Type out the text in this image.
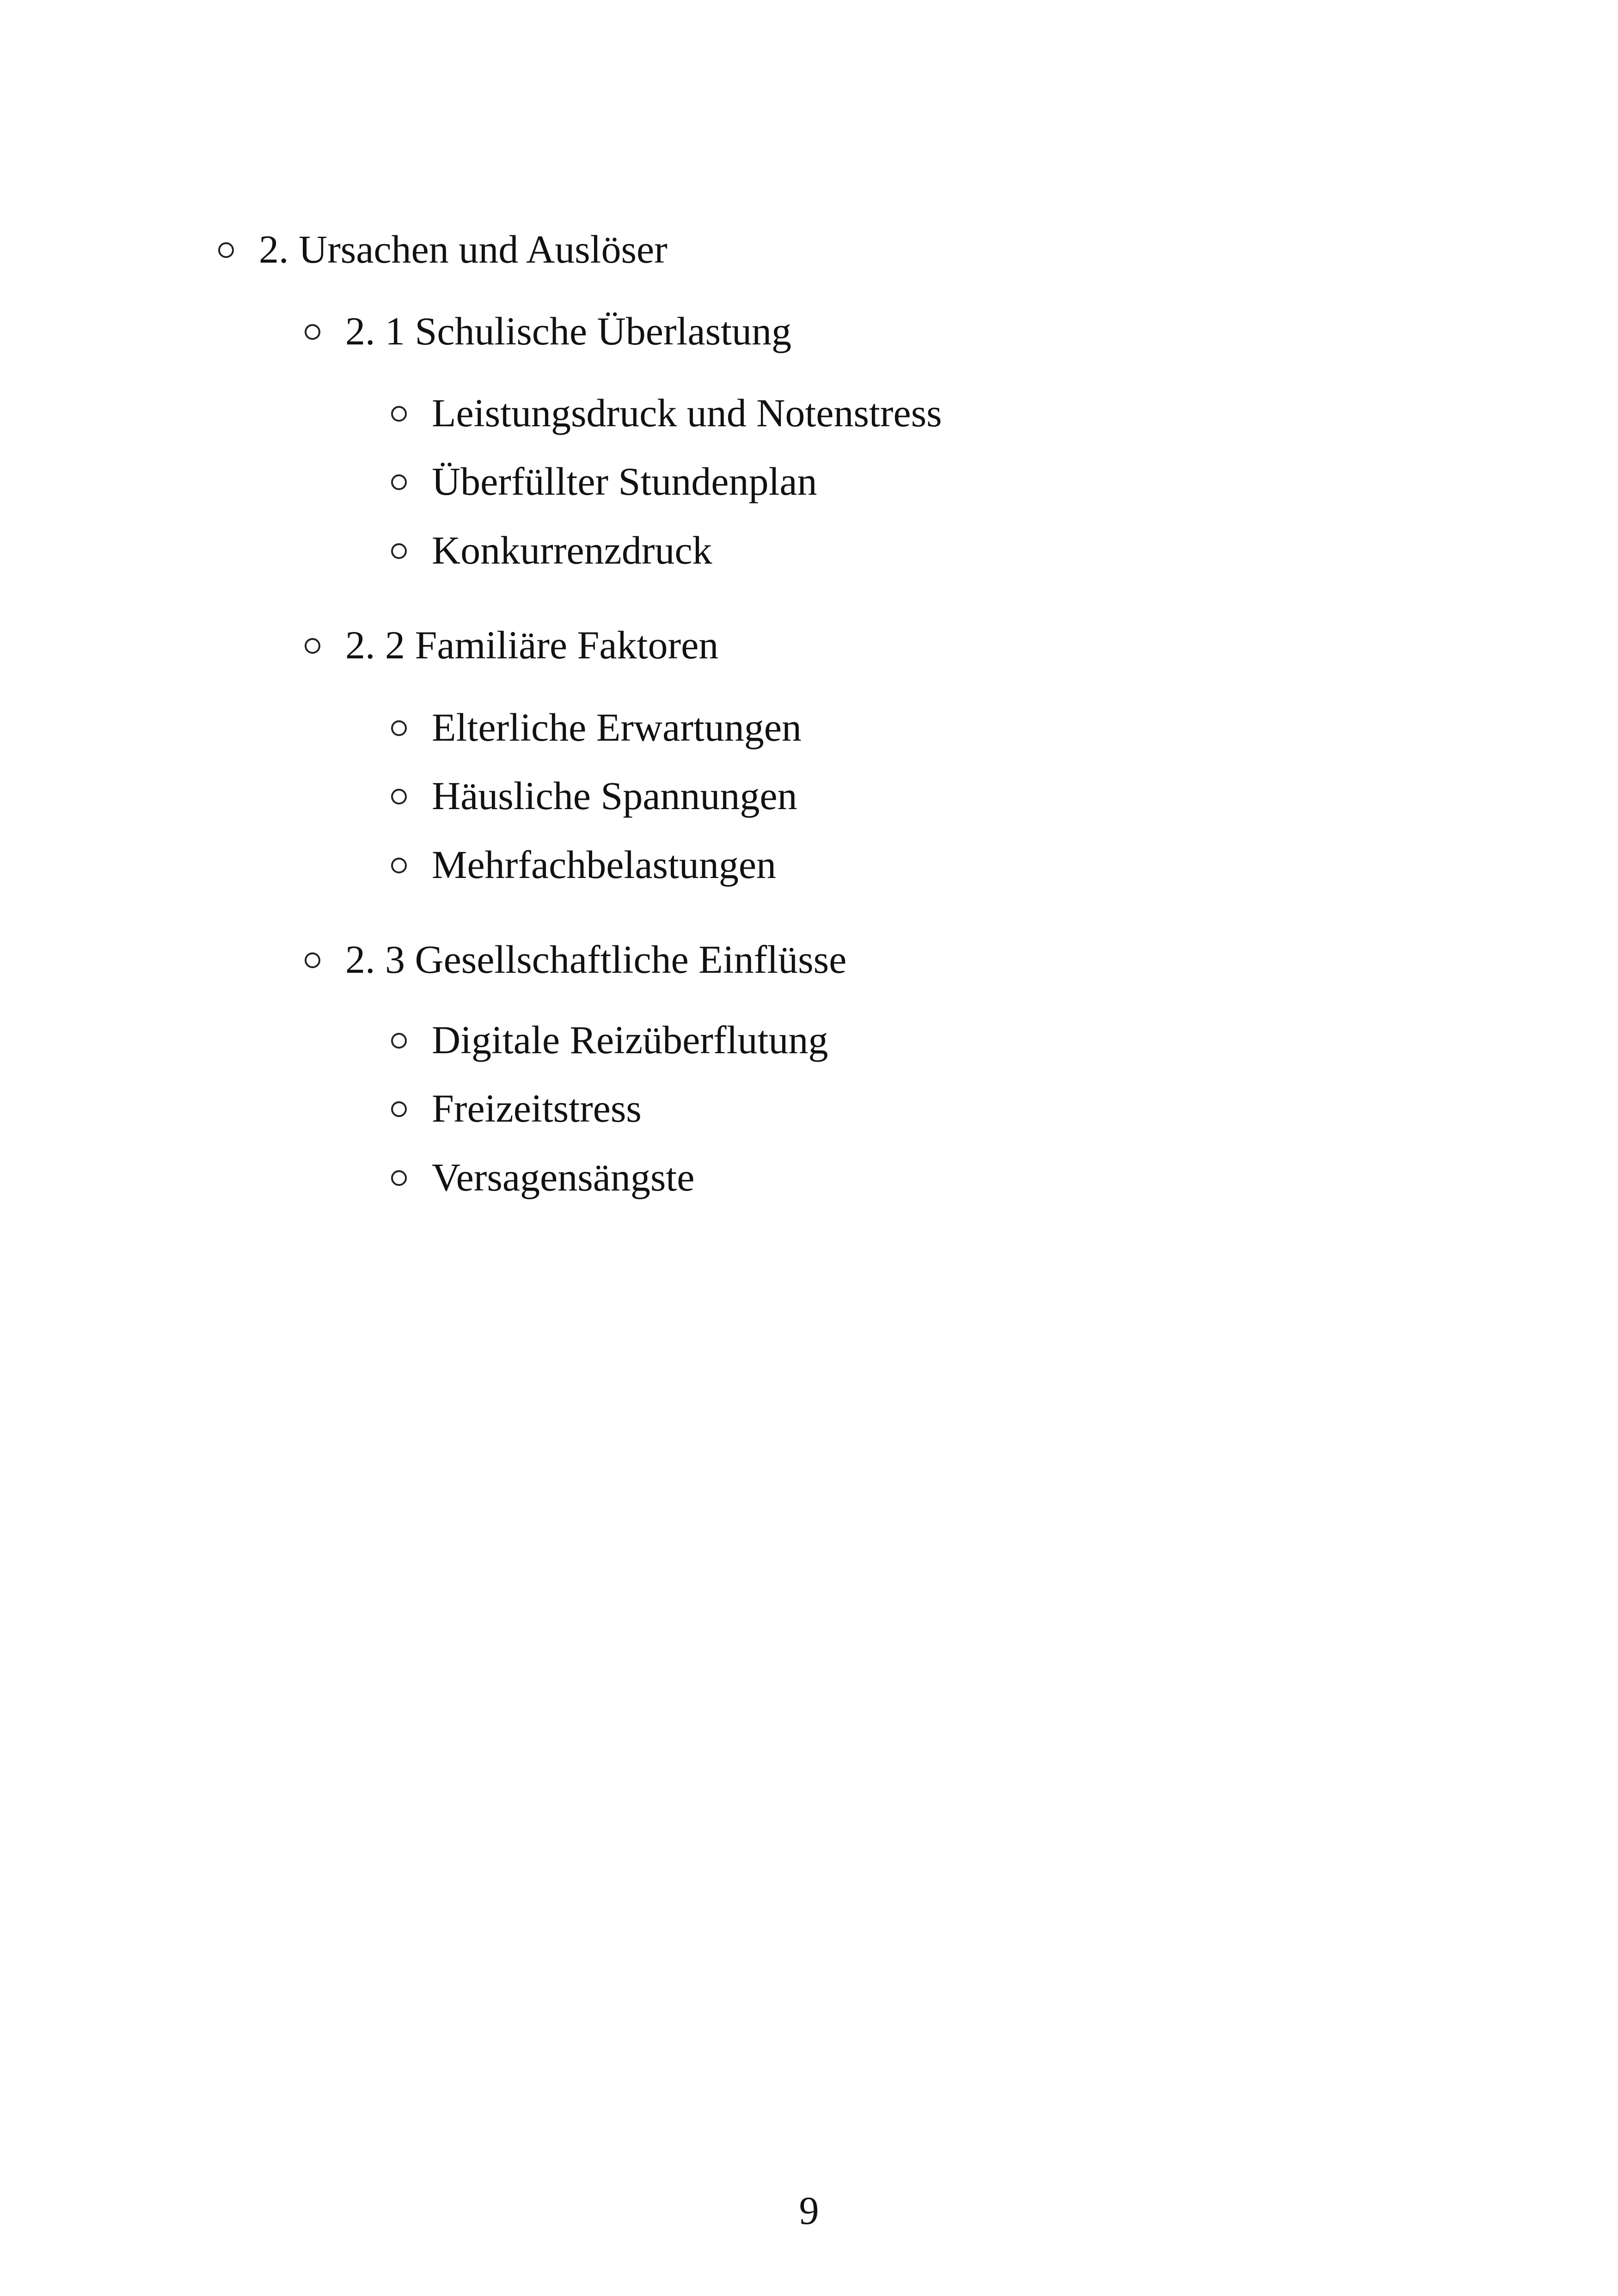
2. Ursachen und Auslöser
2. 1 Schulische Überlastung
Leistungsdruck und Notenstress
Überfüllter Stundenplan
Konkurrenzdruck
2. 2 Familiäre Faktoren
Elterliche Erwartungen
Häusliche Spannungen
Mehrfachbelastungen
2. 3 Gesellschaftliche Einflüsse
Digitale Reizüberflutung
Freizeitstress
Versagensängste
9
